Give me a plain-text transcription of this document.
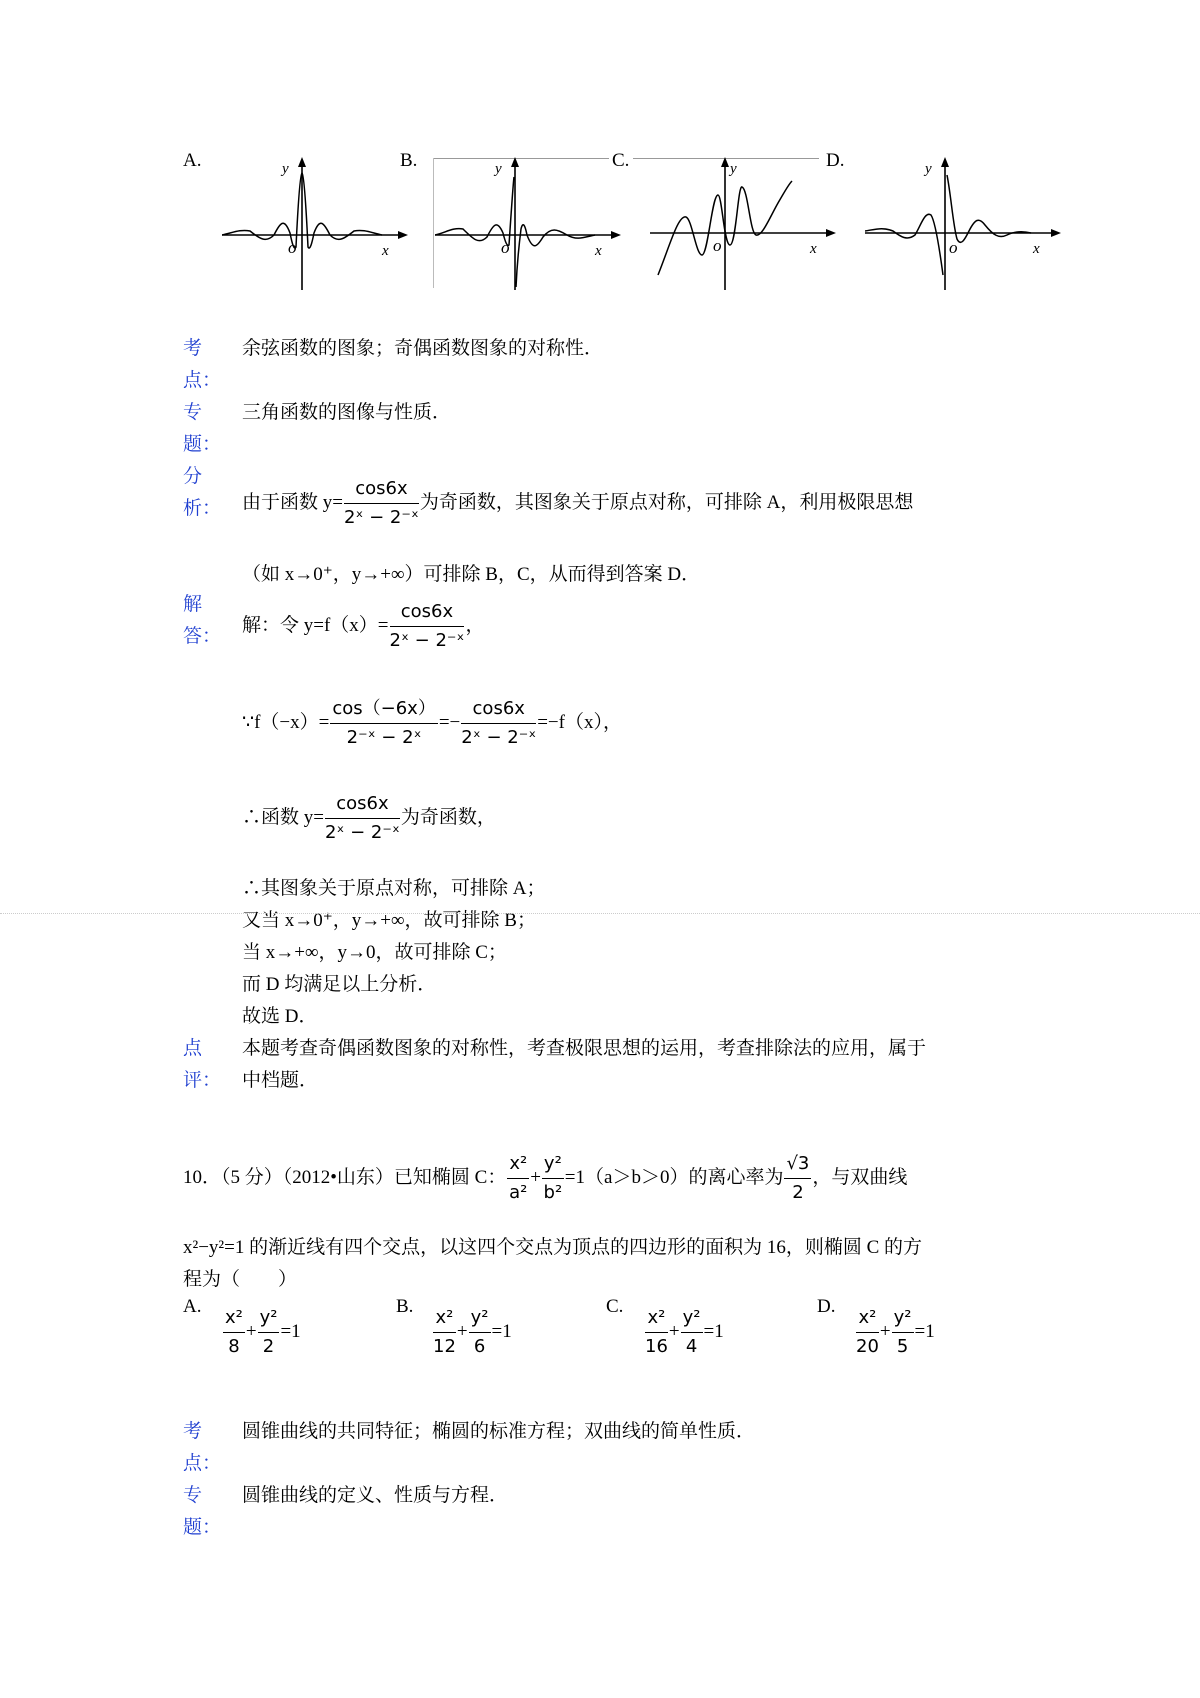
A.	B.	C.	D.
y
x
o
y
x
o
y
x
o
y
x
o
考
点：
余弦函数的图象；奇偶函数图象的对称性．
专
题：
三角函数的图像与性质．
分
析： 由于函数 $y= \frac{\cos 6x}{\text{2ˣ − 2⁻ˣ}}$ 为奇函数，其图象关于原点对称，可排除 A，利用极限思想
（如 x→0⁺，y→+∞）可排除 B，C，从而得到答案 D．
解
答：
解：令 $y=f(x)= \frac{\cos 6x}{\text{2ˣ − 2⁻ˣ}}$ ，
∵f（−x）= $\frac{\cos(-6x)}{\text{2⁻ˣ − 2ˣ}} =- \frac{\cos 6x}{\text{2ˣ − 2⁻ˣ}} =-f(x)$，
∴函数 $y= \frac{\cos 6x}{\text{2ˣ − 2⁻ˣ}}$ 为奇函数，
∴其图象关于原点对称，可排除 A；
又当 x→0⁺，y→+∞，故可排除 B；
当 x→+∞，y→0，故可排除 C；
而 D 均满足以上分析．
故选 D．
点
评：
本题考查奇偶函数图象的对称性，考查极限思想的运用，考查排除法的应用，属于
中档题．
10．（5 分）（2012•山东）已知椭圆 C： $\frac{\text{x²}}{\text{a²}} + \frac{\text{y²}}{\text{b²}} =1(a>b>0)$的离心率为 $\frac{√3}{2}$ ，与双曲线
x²−y²=1 的渐近线有四个交点，以这四个交点为顶点的四边形的面积为 16，则椭圆 C 的方
程为（　　）
A. $\frac{\text{x²}}{8} + \frac{\text{y²}}{2} =1$
B. $\frac{\text{x²}}{12} + \frac{\text{y²}}{6} =1$
C. $\frac{\text{x²}}{16} + \frac{\text{y²}}{4} =1$
D. $\frac{\text{x²}}{20} + \frac{\text{y²}}{5} =1$
考
点：
圆锥曲线的共同特征；椭圆的标准方程；双曲线的简单性质．
专
题：
圆锥曲线的定义、性质与方程．
